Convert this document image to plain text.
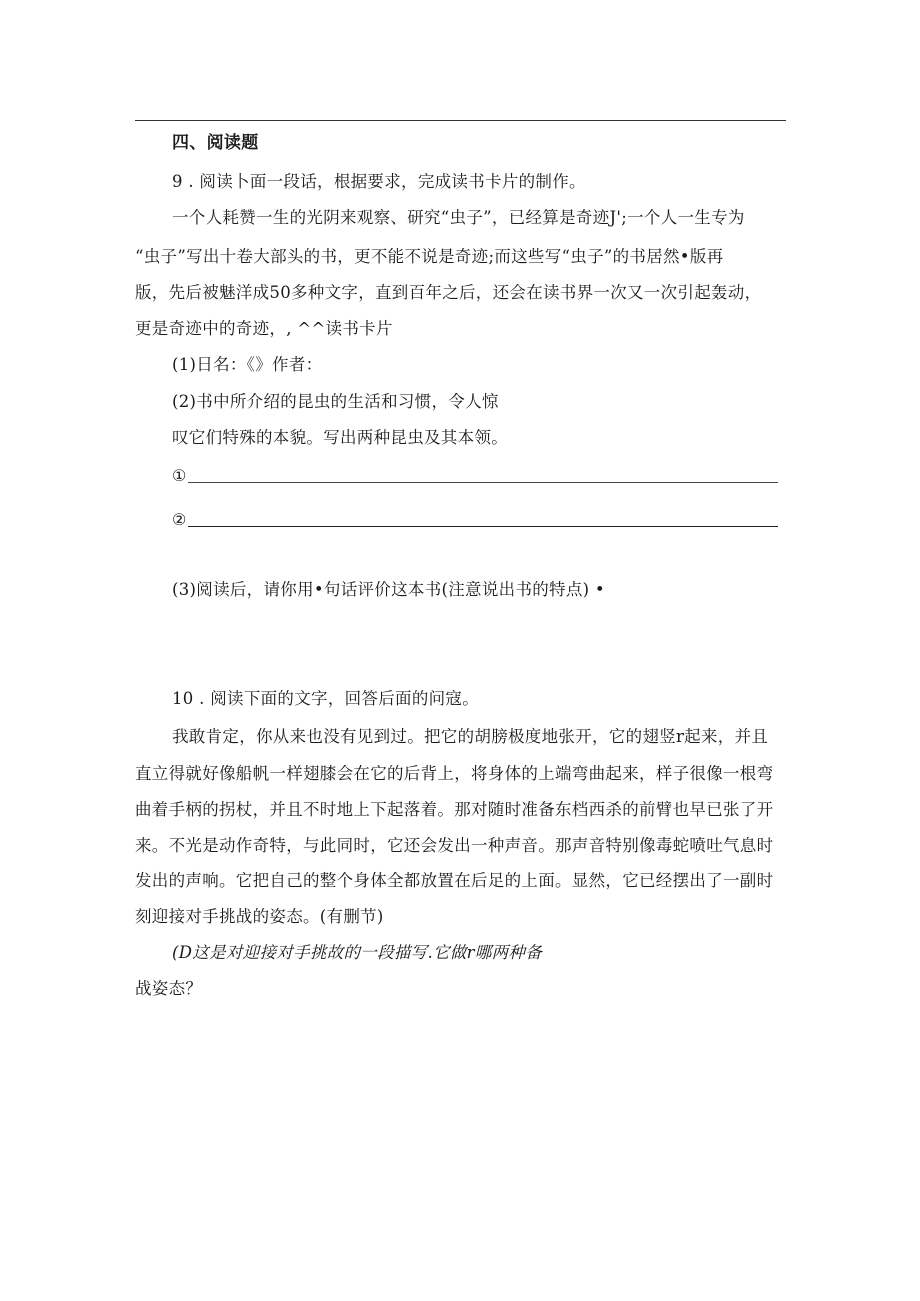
四、阅读题
9 . 阅读卜面一段话，根据要求，完成读书卡片的制作。
一个人耗赞一生的光阴来观察、研究“虫子”，已经算是奇迹J';一个人一生专为
“虫子”写出十卷大部头的书，更不能不说是奇迹;而这些写“虫子”的书居然•版再
版，先后被魅洋成50多种文字，直到百年之后，还会在读书界一次又一次引起轰动，
更是奇迹中的奇迹，, ^^读书卡片
(1)日名：《》作者：
(2)书中所介绍的昆虫的生活和习惯，令人惊
叹它们特殊的本貌。写出两种昆虫及其本领。
①
②
(3)阅读后，请你用•句话评价这本书(注意说出书的特点) •
10 . 阅读下面的文字，回答后面的问寇。
我敢肯定，你从来也没有见到过。把它的胡膀极度地张开，它的翅竖r起来，并且
直立得就好像船帆一样翅膝会在它的后背上，将身体的上端弯曲起来，样子很像一根弯
曲着手柄的拐杖，并且不时地上下起落着。那对随时准备东档西杀的前臂也早已张了开
来。不光是动作奇特，与此同时，它还会发出一种声音。那声音特别像毒蛇喷吐气息时
发出的声响。它把自己的整个身体全都放置在后足的上面。显然，它已经摆出了一副时
刻迎接对手挑战的姿态。(有删节)
(D这是对迎接对手挑故的一段描写.它做r哪两种备
战姿态？
